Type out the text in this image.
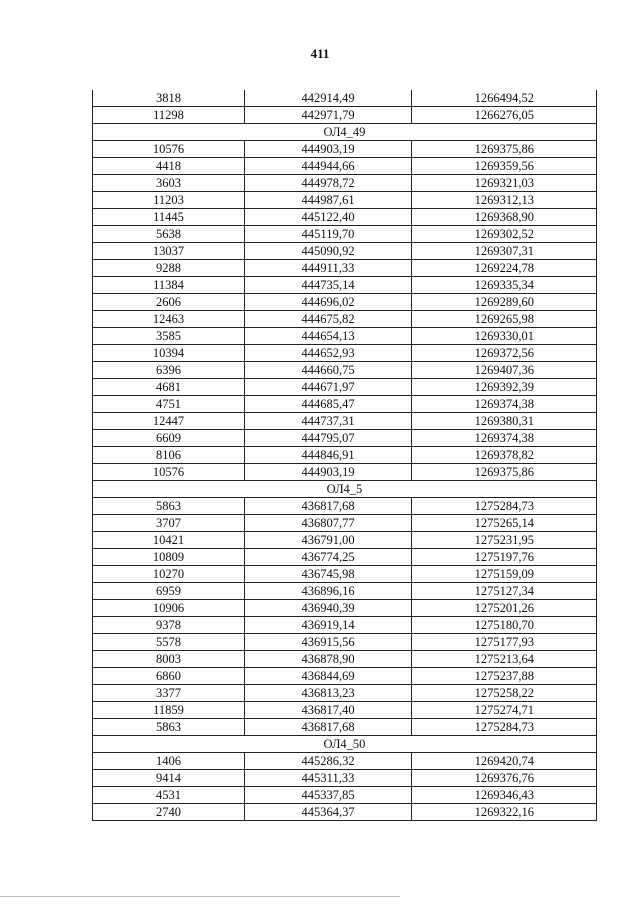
411
3818	442914,49	1266494,52
11298	442971,79	1266276,05
ОЛ4_49		
10576	444903,19	1269375,86
4418	444944,66	1269359,56
3603	444978,72	1269321,03
11203	444987,61	1269312,13
11445	445122,40	1269368,90
5638	445119,70	1269302,52
13037	445090,92	1269307,31
9288	444911,33	1269224,78
11384	444735,14	1269335,34
2606	444696,02	1269289,60
12463	444675,82	1269265,98
3585	444654,13	1269330,01
10394	444652,93	1269372,56
6396	444660,75	1269407,36
4681	444671,97	1269392,39
4751	444685,47	1269374,38
12447	444737,31	1269380,31
6609	444795,07	1269374,38
8106	444846,91	1269378,82
10576	444903,19	1269375,86
ОЛ4_5		
5863	436817,68	1275284,73
3707	436807,77	1275265,14
10421	436791,00	1275231,95
10809	436774,25	1275197,76
10270	436745,98	1275159,09
6959	436896,16	1275127,34
10906	436940,39	1275201,26
9378	436919,14	1275180,70
5578	436915,56	1275177,93
8003	436878,90	1275213,64
6860	436844,69	1275237,88
3377	436813,23	1275258,22
11859	436817,40	1275274,71
5863	436817,68	1275284,73
ОЛ4_50		
1406	445286,32	1269420,74
9414	445311,33	1269376,76
4531	445337,85	1269346,43
2740	445364,37	1269322,16
